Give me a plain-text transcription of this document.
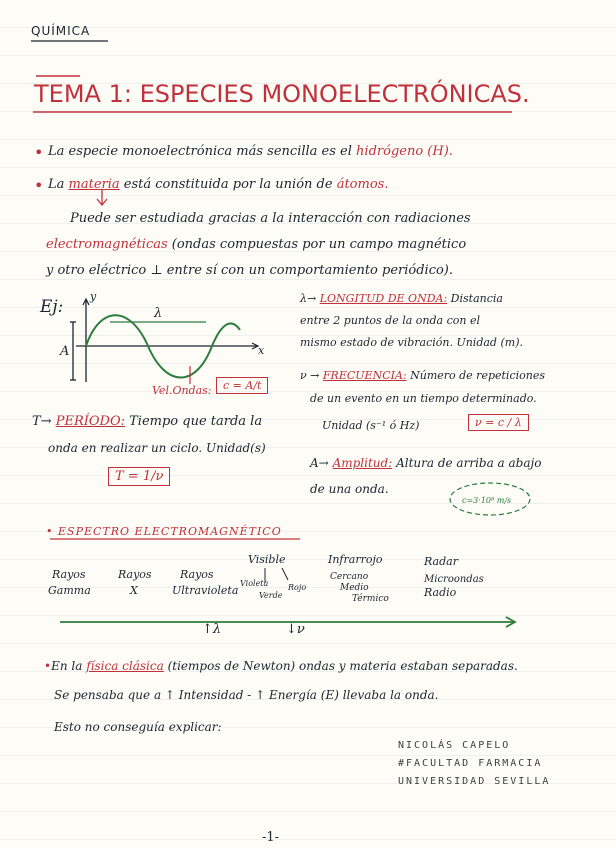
QUÍMICA
TEMA 1: ESPECIES MONOELECTRÓNICAS.
• La especie monoelectrónica más sencilla es el hidrógeno (H).
• La materia está constituida por la unión de átomos.
Puede ser estudiada gracias a la interacción con radiaciones
electromagnéticas (ondas compuestas por un campo magnético
y otro eléctrico ⊥ entre sí con un comportamiento periódico).
Ej:
y
x
λ
A
Vel.Ondas:	c = A/t
λ→ LONGITUD DE ONDA: Distancia
entre 2 puntos de la onda con el
mismo estado de vibración. Unidad (m).
ν → FRECUENCIA: Número de repeticiones
de un evento en un tiempo determinado.
Unidad (s⁻¹ ó Hz)	ν = c / λ
T→ PERÍODO: Tiempo que tarda la
onda en realizar un ciclo. Unidad(s)
T = 1/ν
A→ Amplitud: Altura de arriba a abajo
de una onda.
c=3·10⁸ m/s
• ESPECTRO ELECTROMAGNÉTICO
Rayos
Gamma
Rayos
X
Rayos
Ultravioleta
Visible
Violeta
Verde
Rojo
Infrarrojo
Cercano
Medio
Térmico
Radar
Microondas
Radio
↑λ	↓ν
•En la física clásica (tiempos de Newton) ondas y materia estaban separadas.
Se pensaba que a ↑ Intensidad - ↑ Energía (E) llevaba la onda.
Esto no conseguía explicar:
NICOLÁS CAPELO
#FACULTAD FARMACIA
UNIVERSIDAD SEVILLA
-1-
